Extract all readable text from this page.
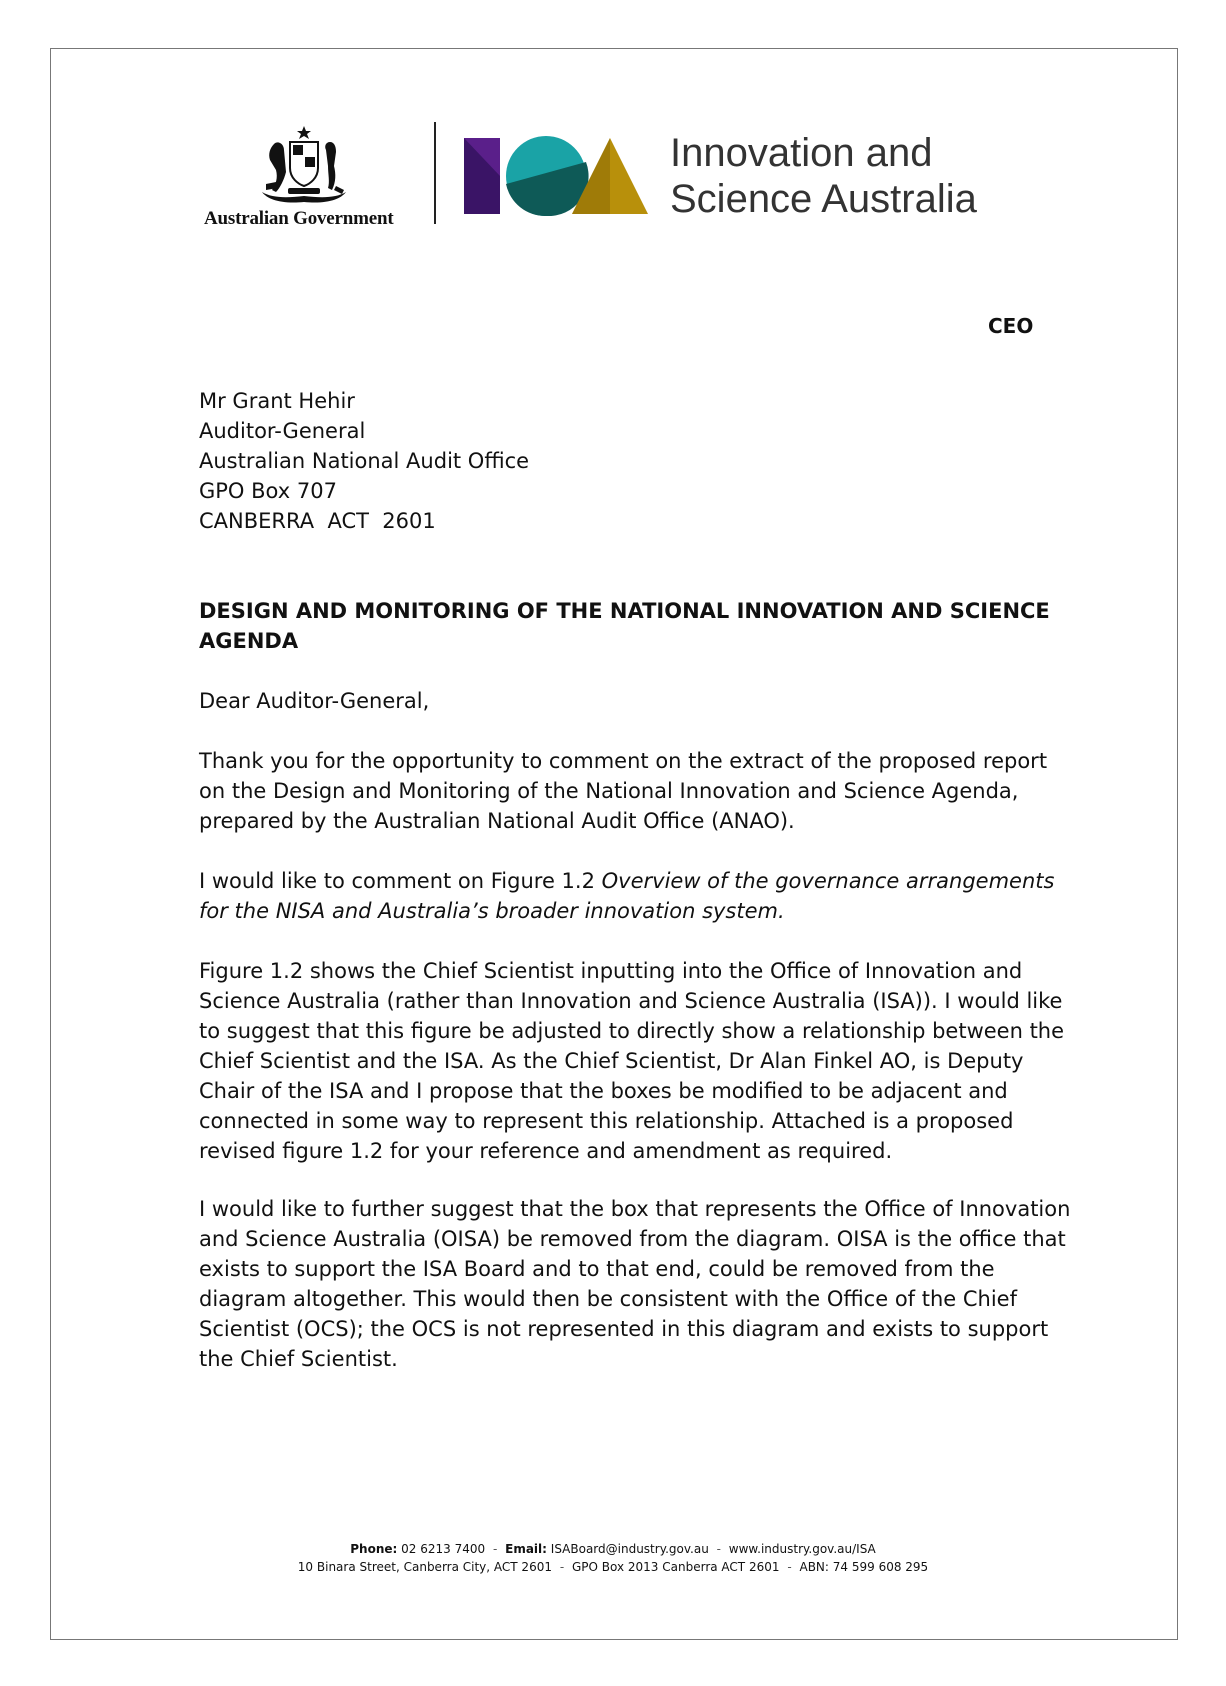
Australian Government
Innovation and
Science Australia
CEO
Mr Grant Hehir
Auditor-General
Australian National Audit Office
GPO Box 707
CANBERRA  ACT  2601
DESIGN AND MONITORING OF THE NATIONAL INNOVATION AND SCIENCE AGENDA
Dear Auditor-General,

Thank you for the opportunity to comment on the extract of the proposed report on the Design and Monitoring of the National Innovation and Science Agenda, prepared by the Australian National Audit Office (ANAO).

I would like to comment on Figure 1.2 Overview of the governance arrangements for the NISA and Australia’s broader innovation system.

Figure 1.2 shows the Chief Scientist inputting into the Office of Innovation and Science Australia (rather than Innovation and Science Australia (ISA)). I would like to suggest that this figure be adjusted to directly show a relationship between the Chief Scientist and the ISA. As the Chief Scientist, Dr Alan Finkel AO, is Deputy Chair of the ISA and I propose that the boxes be modified to be adjacent and connected in some way to represent this relationship. Attached is a proposed revised figure 1.2 for your reference and amendment as required.

I would like to further suggest that the box that represents the Office of Innovation and Science Australia (OISA) be removed from the diagram. OISA is the office that exists to support the ISA Board and to that end, could be removed from the diagram altogether. This would then be consistent with the Office of the Chief Scientist (OCS); the OCS is not represented in this diagram and exists to support the Chief Scientist.

Phone: 02 6213 7400 - Email: ISABoard@industry.gov.au - www.industry.gov.au/ISA
10 Binara Street, Canberra City, ACT 2601 - GPO Box 2013 Canberra ACT 2601 - ABN: 74 599 608 295
